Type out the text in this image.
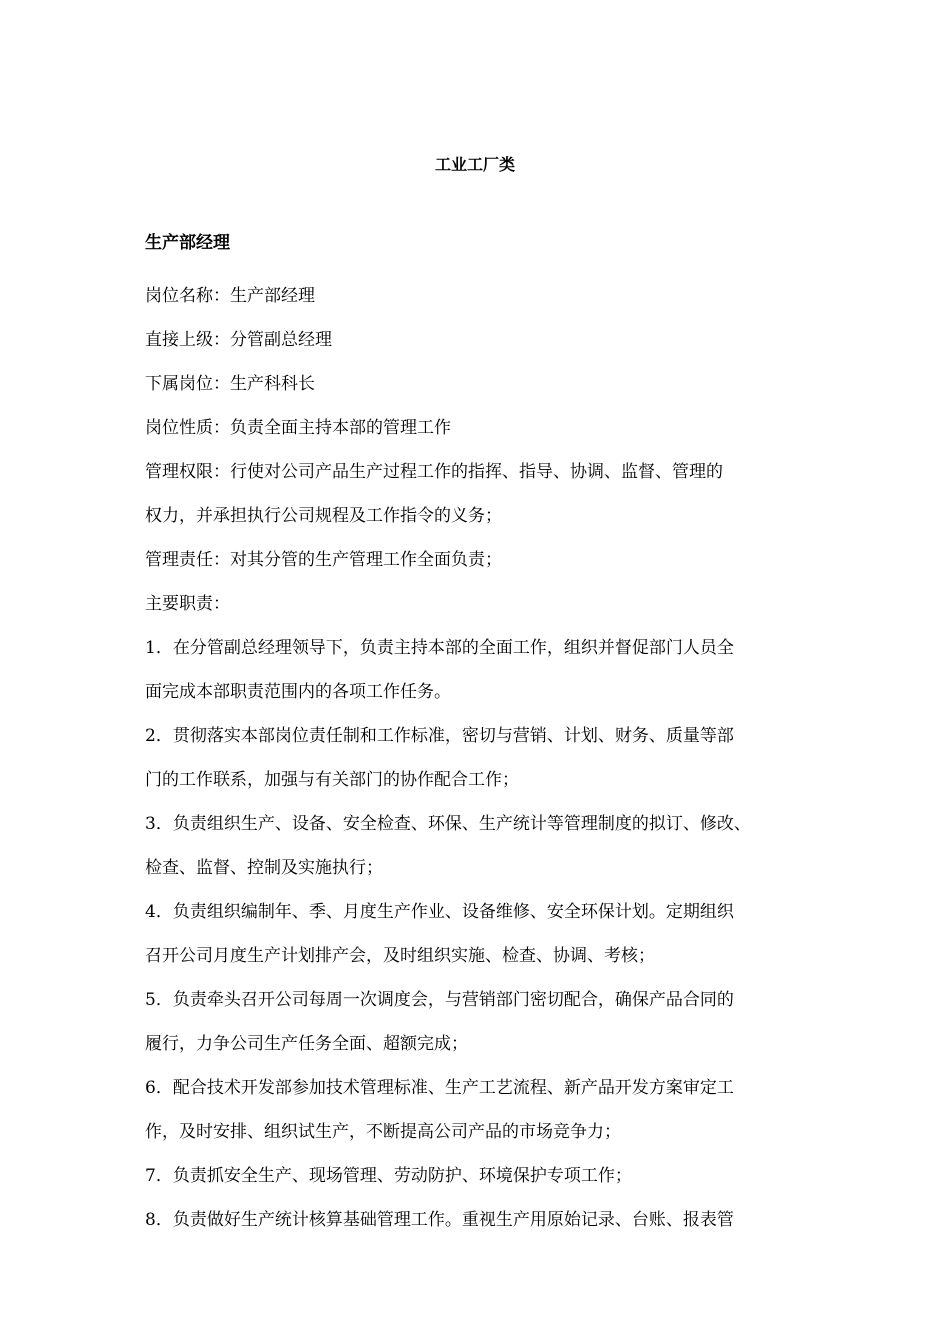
工业工厂类
生产部经理
岗位名称：生产部经理
直接上级：分管副总经理
下属岗位：生产科科长
岗位性质：负责全面主持本部的管理工作
管理权限：行使对公司产品生产过程工作的指挥、指导、协调、监督、管理的
权力，并承担执行公司规程及工作指令的义务；
管理责任：对其分管的生产管理工作全面负责；
主要职责：
1．在分管副总经理领导下，负责主持本部的全面工作，组织并督促部门人员全
面完成本部职责范围内的各项工作任务。
2．贯彻落实本部岗位责任制和工作标准，密切与营销、计划、财务、质量等部
门的工作联系，加强与有关部门的协作配合工作；
3．负责组织生产、设备、安全检查、环保、生产统计等管理制度的拟订、修改、
检查、监督、控制及实施执行；
4．负责组织编制年、季、月度生产作业、设备维修、安全环保计划。定期组织
召开公司月度生产计划排产会，及时组织实施、检查、协调、考核；
5．负责牵头召开公司每周一次调度会，与营销部门密切配合，确保产品合同的
履行，力争公司生产任务全面、超额完成；
6．配合技术开发部参加技术管理标准、生产工艺流程、新产品开发方案审定工
作，及时安排、组织试生产，不断提高公司产品的市场竞争力；
7．负责抓安全生产、现场管理、劳动防护、环境保护专项工作；
8．负责做好生产统计核算基础管理工作。重视生产用原始记录、台账、报表管
